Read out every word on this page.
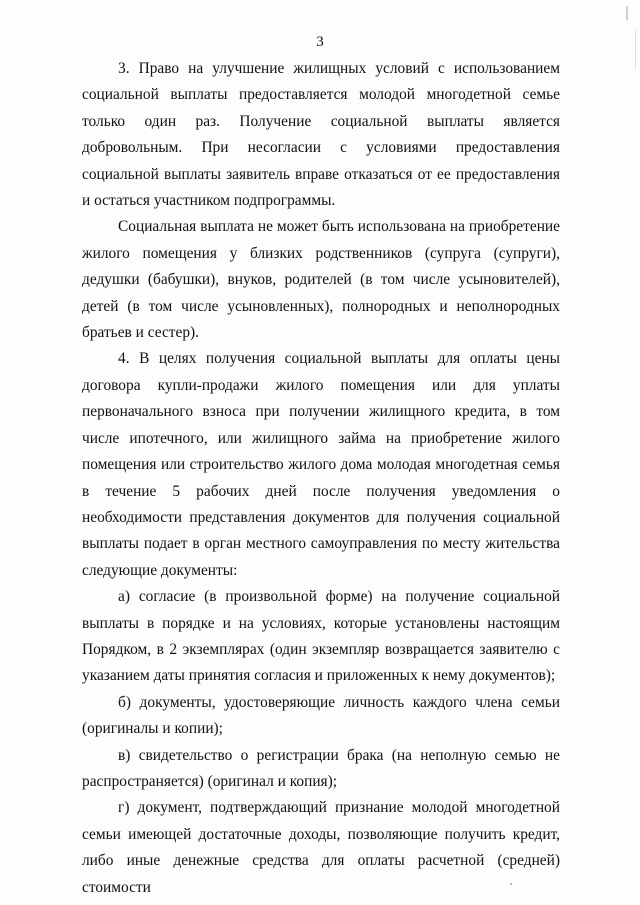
3

3. Право на улучшение жилищных условий с использованием социальной выплаты предоставляется молодой многодетной семье только один раз. Получение социальной выплаты является добровольным. При несогласии с условиями предоставления социальной выплаты заявитель вправе отказаться от ее предоставления и остаться участником подпрограммы.

Социальная выплата не может быть использована на приобретение жилого помещения у близких родственников (супруга (супруги), дедушки (бабушки), внуков, родителей (в том числе усыновителей), детей (в том числе усыновленных), полнородных и неполнородных братьев и сестер).

4. В целях получения социальной выплаты для оплаты цены договора купли-продажи жилого помещения или для уплаты первоначального взноса при получении жилищного кредита, в том числе ипотечного, или жилищного займа на приобретение жилого помещения или строительство жилого дома молодая многодетная семья в течение 5 рабочих дней после получения уведомления о необходимости представления документов для получения социальной выплаты подает в орган местного самоуправления по месту жительства следующие документы:

а) согласие (в произвольной форме) на получение социальной выплаты в порядке и на условиях, которые установлены настоящим Порядком, в 2 экземплярах (один экземпляр возвращается заявителю с указанием даты принятия согласия и приложенных к нему документов);

б) документы, удостоверяющие личность каждого члена семьи (оригиналы и копии);

в) свидетельство о регистрации брака (на неполную семью не распространяется) (оригинал и копия);

г) документ, подтверждающий признание молодой многодетной семьи имеющей достаточные доходы, позволяющие получить кредит, либо иные денежные средства для оплаты расчетной (средней) стоимости
